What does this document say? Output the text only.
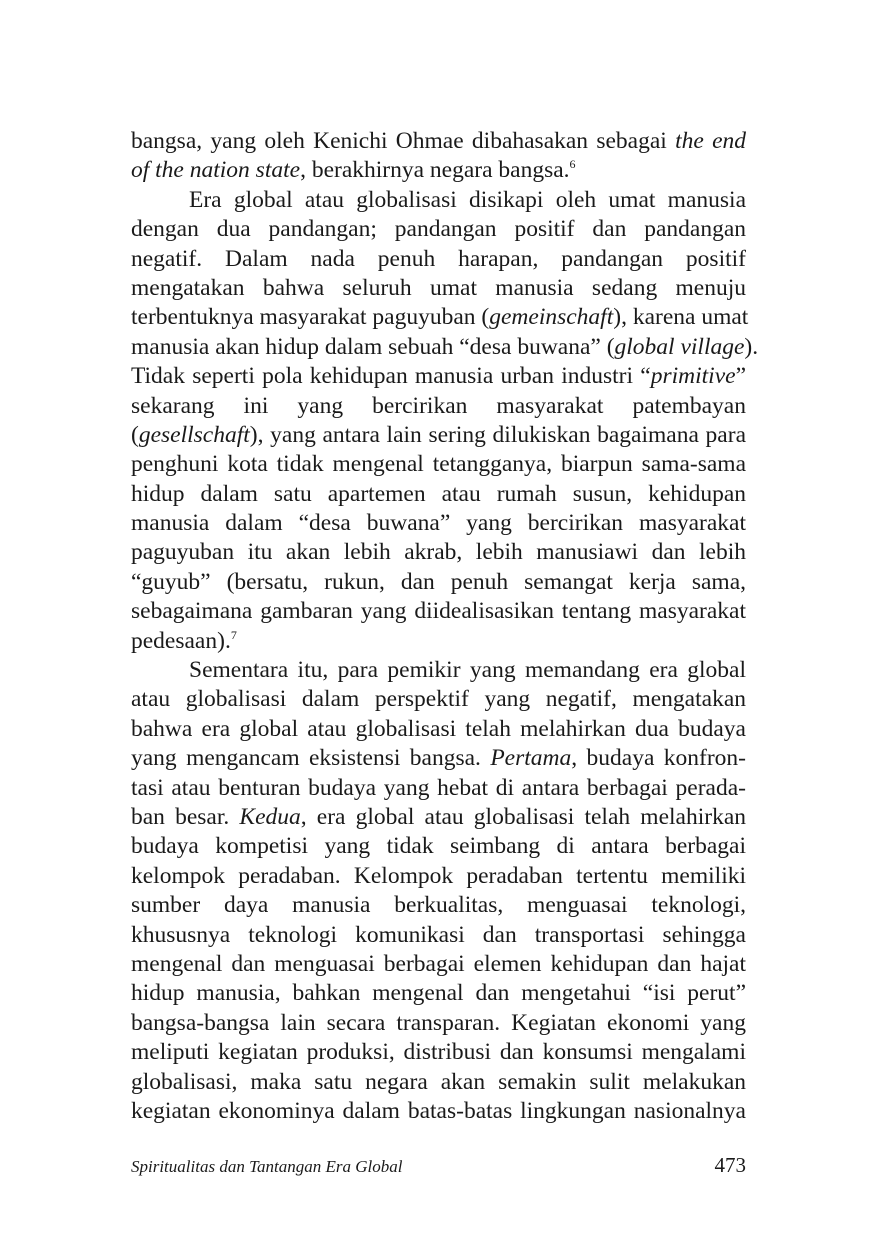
bangsa, yang oleh Kenichi Ohmae dibahasakan sebagai the end
of the nation state, berakhirnya negara bangsa.$^6$
Era global atau globalisasi disikapi oleh umat manusia
dengan dua pandangan; pandangan positif dan pandangan
negatif. Dalam nada penuh harapan, pandangan positif
mengatakan bahwa seluruh umat manusia sedang menuju
terbentuknya masyarakat paguyuban (gemeinschaft), karena umat
manusia akan hidup dalam sebuah “desa buwana” (global village).
Tidak seperti pola kehidupan manusia urban industri “primitive”
sekarang ini yang bercirikan masyarakat patembayan
(gesellschaft), yang antara lain sering dilukiskan bagaimana para
penghuni kota tidak mengenal tetangganya, biarpun sama-sama
hidup dalam satu apartemen atau rumah susun, kehidupan
manusia dalam “desa buwana” yang bercirikan masyarakat
paguyuban itu akan lebih akrab, lebih manusiawi dan lebih
“guyub” (bersatu, rukun, dan penuh semangat kerja sama,
sebagaimana gambaran yang diidealisasikan tentang masyarakat
pedesaan).$^7$
Sementara itu, para pemikir yang memandang era global
atau globalisasi dalam perspektif yang negatif, mengatakan
bahwa era global atau globalisasi telah melahirkan dua budaya
yang mengancam eksistensi bangsa. Pertama, budaya konfron-
tasi atau benturan budaya yang hebat di antara berbagai perada-
ban besar. Kedua, era global atau globalisasi telah melahirkan
budaya kompetisi yang tidak seimbang di antara berbagai
kelompok peradaban. Kelompok peradaban tertentu memiliki
sumber daya manusia berkualitas, menguasai teknologi,
khususnya teknologi komunikasi dan transportasi sehingga
mengenal dan menguasai berbagai elemen kehidupan dan hajat
hidup manusia, bahkan mengenal dan mengetahui “isi perut”
bangsa-bangsa lain secara transparan. Kegiatan ekonomi yang
meliputi kegiatan produksi, distribusi dan konsumsi mengalami
globalisasi, maka satu negara akan semakin sulit melakukan
kegiatan ekonominya dalam batas-batas lingkungan nasionalnya
Spiritualitas dan Tantangan Era Global	473
